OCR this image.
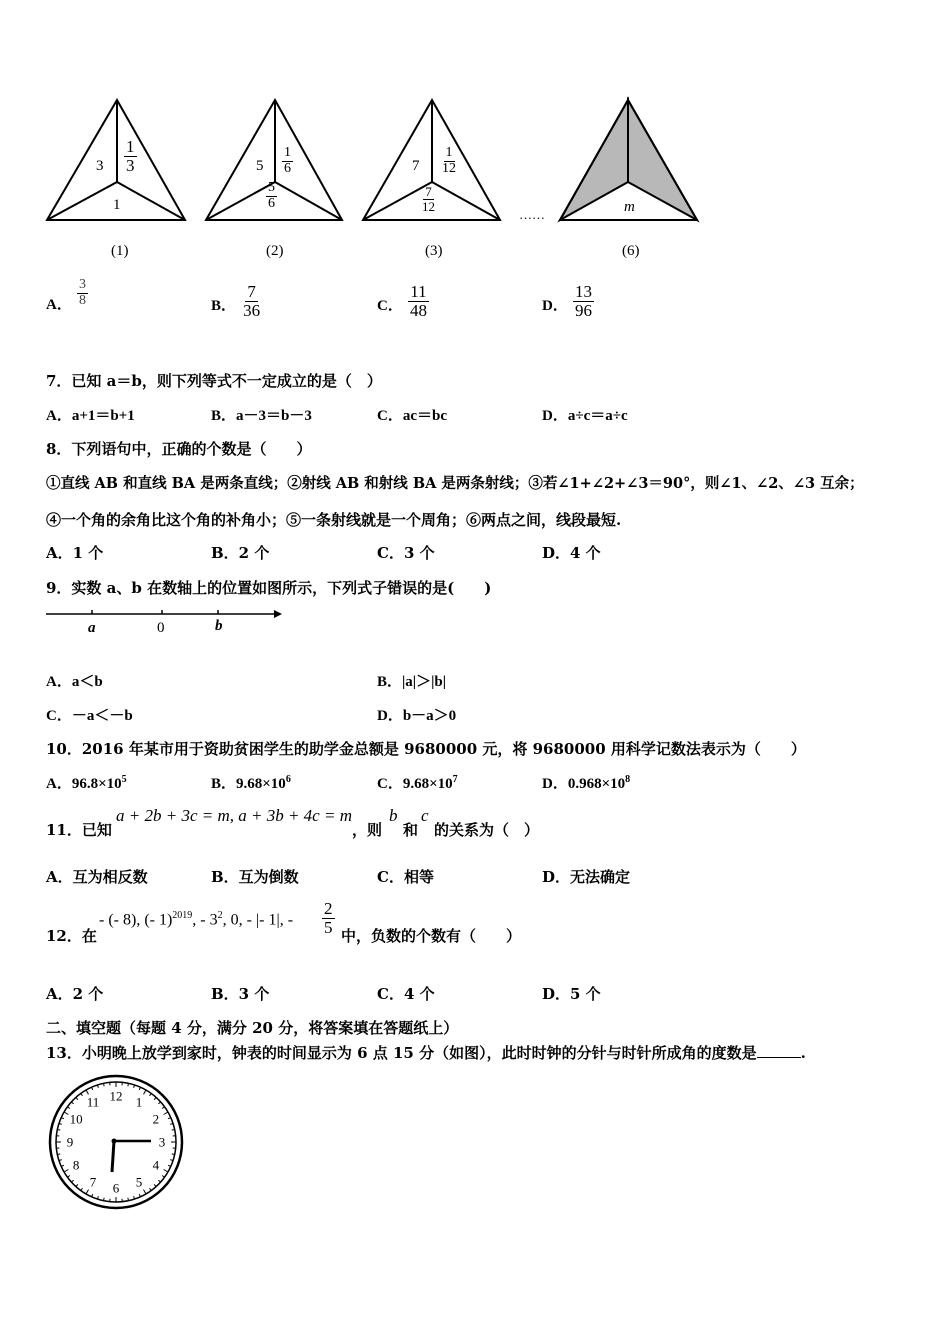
$3 \frac{1}{3}$
1
(1)
$5 \frac{1}{6}$
$\frac{5}{6}$
(2)
$7 \frac{1}{12}$
$\frac{7}{12}$
(3)
……	m
(6)
A． $\frac{3}{8}$	B． $\frac{7}{36}$	C． $\frac{11}{48}$	D． $\frac{13}{96}$
7．已知 a＝b，则下列等式不一定成立的是（　）
A．a+1＝b+1	B．a－3＝b－3	C．ac＝bc	D．a÷c＝a÷c
8．下列语句中，正确的个数是（　　）
①直线 AB 和直线 BA 是两条直线；②射线 AB 和射线 BA 是两条射线；③若∠1+∠2+∠3＝90°，则∠1、∠2、∠3 互余；
④一个角的余角比这个角的补角小；⑤一条射线就是一个周角；⑥两点之间，线段最短.
A．1 个	B．2 个	C．3 个	D．4 个
9．实数 a、b 在数轴上的位置如图所示，下列式子错误的是(　　)
a	0	b
A．a＜b	B．|a|＞|b|
C．－a＜－b	D．b－a＞0
10．2016 年某市用于资助贫困学生的助学金总额是 9680000 元，将 9680000 用科学记数法表示为（　　）
A．$96.8\times 10^5$	B．$9.68\times 10^6$	C．$9.68\times 10^7$	D．$0.968\times 10^8$
11．已知
a + 2b + 3c = m, a + 3b + 4c = m
，则
b
和
c
的关系为（　）
A．互为相反数	B．互为倒数	C．相等	D．无法确定
12．在
- (- 8), (- 1)$^{2019}$, - $3^2$, 0, - |- 1|, - $\frac{2}{5}$ 中，负数的个数有（　　）
A．2 个	B．3 个	C．4 个	D．5 个
二、填空题（每题 4 分，满分 20 分，将答案填在答题纸上）
13．小明晚上放学到家时，钟表的时间显示为 6 点 15 分（如图），此时时钟的分针与时针所成角的度数是	.
12 1
2
3
4
5
6
7
8
9
10
11
